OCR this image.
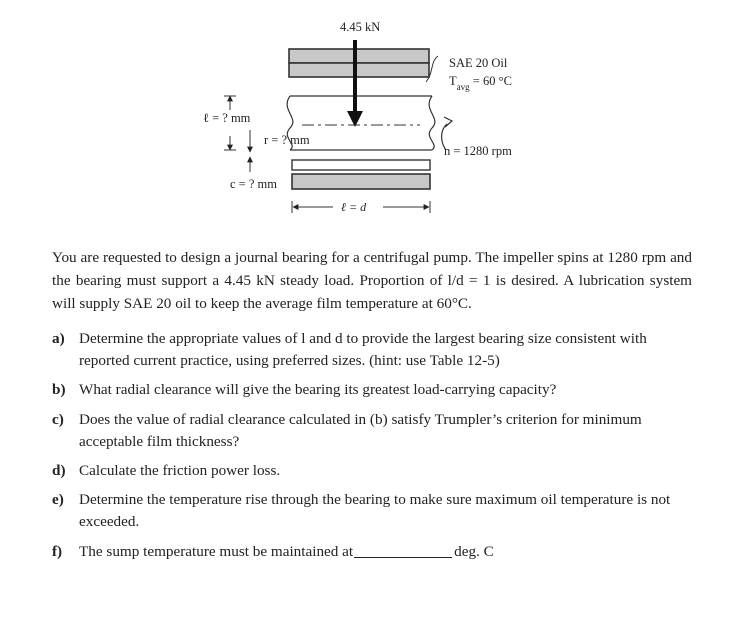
4.45 kN
SAE 20 Oil
$T_{avg} = 60$ °C
n = 1280 rpm
ℓ = ? mm
r = ? mm
c = ? mm
ℓ = d

You are requested to design a journal bearing for a centrifugal pump. The impeller spins at 1280 rpm and the bearing must support a 4.45 kN steady load. Proportion of l/d = 1 is desired. A lubrication system will supply SAE 20 oil to keep the average film temperature at 60°C.

a) Determine the appropriate values of l and d to provide the largest bearing size consistent with reported current practice, using preferred sizes. (hint: use Table 12-5)
b) What radial clearance will give the bearing its greatest load-carrying capacity?
c) Does the value of radial clearance calculated in (b) satisfy Trumpler’s criterion for minimum acceptable film thickness?
d) Calculate the friction power loss.
e) Determine the temperature rise through the bearing to make sure maximum oil temperature is not exceeded.
f) The sump temperature must be maintained at	deg. C
